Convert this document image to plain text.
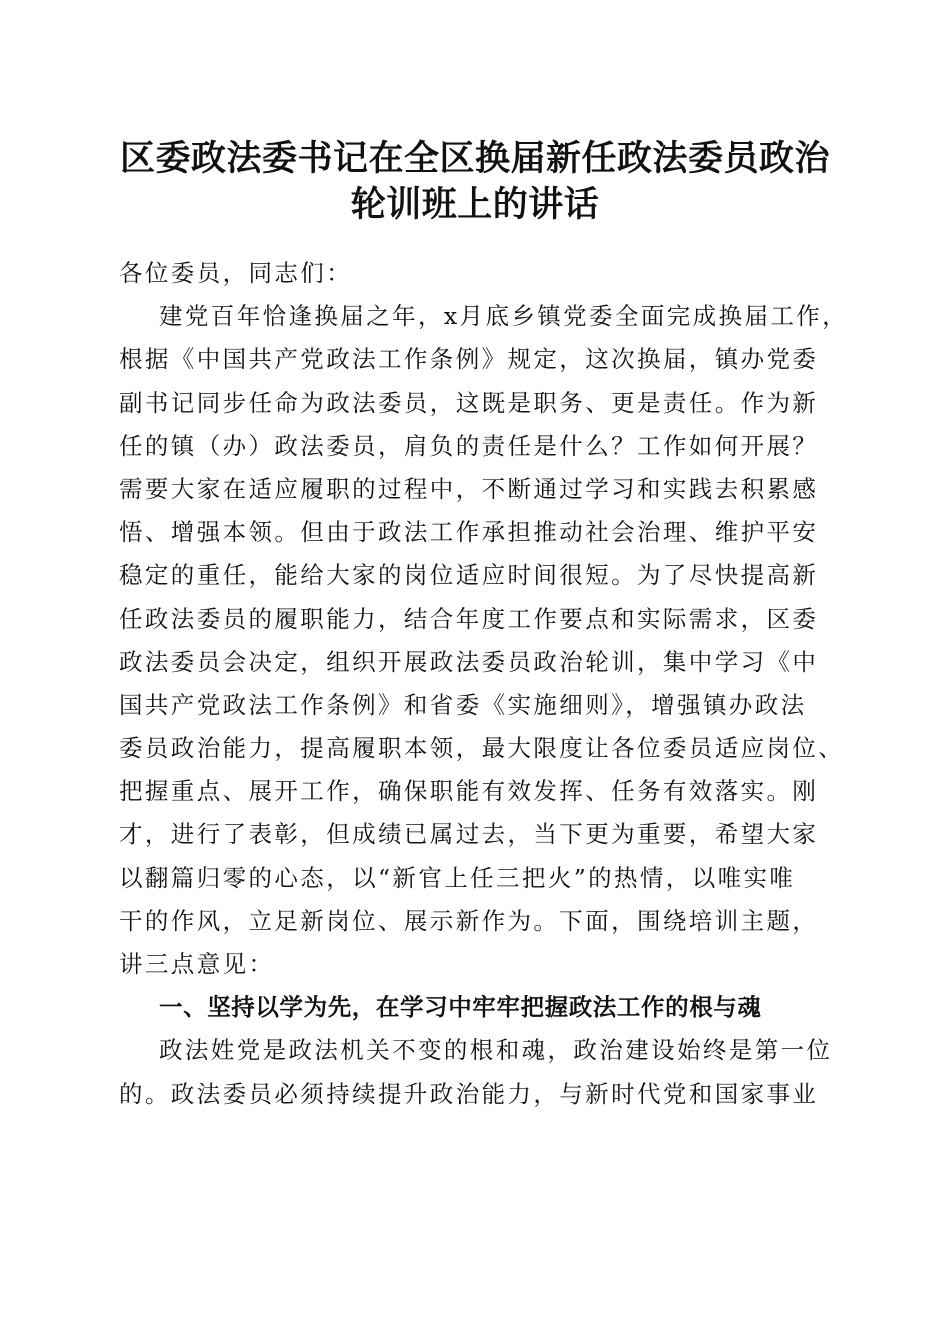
区委政法委书记在全区换届新任政法委员政治
轮训班上的讲话
各位委员，同志们：
建党百年恰逢换届之年，x月底乡镇党委全面完成换届工作，
根据《中国共产党政法工作条例》规定，这次换届，镇办党委
副书记同步任命为政法委员，这既是职务、更是责任。作为新
任的镇（办）政法委员，肩负的责任是什么？工作如何开展？
需要大家在适应履职的过程中，不断通过学习和实践去积累感
悟、增强本领。但由于政法工作承担推动社会治理、维护平安
稳定的重任，能给大家的岗位适应时间很短。为了尽快提高新
任政法委员的履职能力，结合年度工作要点和实际需求，区委
政法委员会决定，组织开展政法委员政治轮训，集中学习《中
国共产党政法工作条例》和省委《实施细则》，增强镇办政法
委员政治能力，提高履职本领，最大限度让各位委员适应岗位、
把握重点、展开工作，确保职能有效发挥、任务有效落实。刚
才，进行了表彰，但成绩已属过去，当下更为重要，希望大家
以翻篇归零的心态，以“新官上任三把火”的热情，以唯实唯
干的作风，立足新岗位、展示新作为。下面，围绕培训主题，
讲三点意见：
一、坚持以学为先，在学习中牢牢把握政法工作的根与魂
政法姓党是政法机关不变的根和魂，政治建设始终是第一位
的。政法委员必须持续提升政治能力，与新时代党和国家事业
